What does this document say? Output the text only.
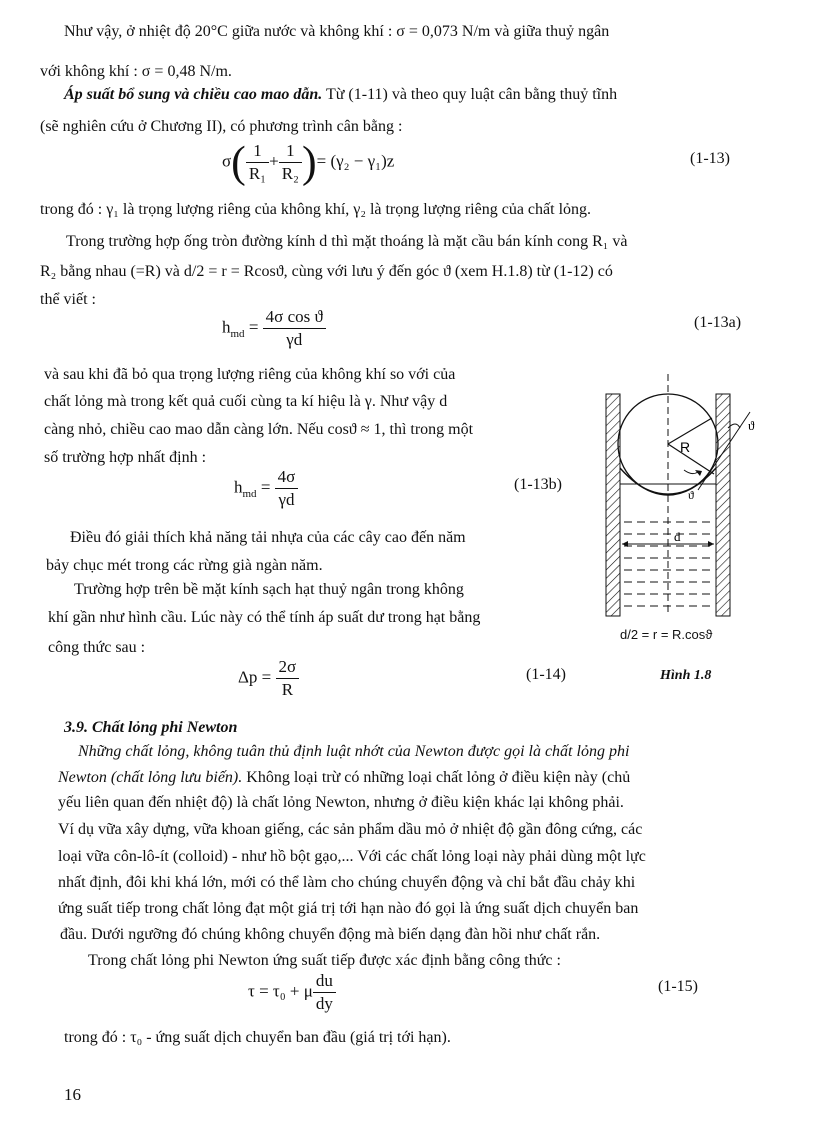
Như vậy, ở nhiệt độ 20°C giữa nước và không khí : σ = 0,073 N/m và giữa thuỷ ngân
với không khí : σ = 0,48 N/m.
Áp suất bổ sung và chiều cao mao dẫn. Từ (1-11) và theo quy luật cân bằng thuỷ tĩnh
(sẽ nghiên cứu ở Chương II), có phương trình cân bằng :
$\sigma( \frac{1}{\text{R₁}} + \frac{1}{\text{R₂}}$ )= (γ₂ − γ₁)z	(1-13)
trong đó : γ₁ là trọng lượng riêng của không khí, γ₂ là trọng lượng riêng của chất lỏng.
Trong trường hợp ống tròn đường kính d thì mặt thoáng là mặt cầu bán kính cong R₁ và
R₂ bằng nhau (=R) và d/2 = r = Rcosϑ, cùng với lưu ý đến góc ϑ (xem H.1.8) từ (1-12) có
thể viết :
$h_{md} = \frac{\text{4σ cos ϑ}}{\gamma d}$	(1-13a)
và sau khi đã bỏ qua trọng lượng riêng của không khí so với của
chất lỏng mà trong kết quả cuối cùng ta kí hiệu là γ. Như vậy d
càng nhỏ, chiều cao mao dẫn càng lớn. Nếu cosϑ ≈ 1, thì trong một
số trường hợp nhất định :
$h_{md} = \frac{4\sigma}{\gamma d}$	(1-13b)
Điều đó giải thích khả năng tải nhựa của các cây cao đến năm
bảy chục mét trong các rừng già ngàn năm.
Trường hợp trên bề mặt kính sạch hạt thuỷ ngân trong không
khí gần như hình cầu. Lúc này có thể tính áp suất dư trong hạt bằng
công thức sau :
$\Delta p = \frac{2\sigma}{R}$	(1-14)
R
ϑ
ϑ
d
d/2 = r = R.cosϑ
Hình 1.8
3.9. Chất lỏng phi Newton
Những chất lỏng, không tuân thủ định luật nhớt của Newton được gọi là chất lỏng phi
Newton (chất lỏng lưu biến). Không loại trừ có những loại chất lỏng ở điều kiện này (chủ
yếu liên quan đến nhiệt độ) là chất lỏng Newton, nhưng ở điều kiện khác lại không phải.
Ví dụ vữa xây dựng, vữa khoan giếng, các sản phẩm dầu mỏ ở nhiệt độ gần đông cứng, các
loại vữa côn-lô-ít (colloid) - như hồ bột gạo,... Với các chất lỏng loại này phải dùng một lực
nhất định, đôi khi khá lớn, mới có thể làm cho chúng chuyển động và chỉ bắt đầu chảy khi
ứng suất tiếp trong chất lỏng đạt một giá trị tới hạn nào đó gọi là ứng suất dịch chuyển ban
đầu. Dưới ngưỡng đó chúng không chuyển động mà biến dạng đàn hồi như chất rắn.
Trong chất lỏng phi Newton ứng suất tiếp được xác định bằng công thức :
τ = τ₀ + μ $\frac{du}{dy}$	(1-15)
trong đó : τ₀ - ứng suất dịch chuyển ban đầu (giá trị tới hạn).
16
